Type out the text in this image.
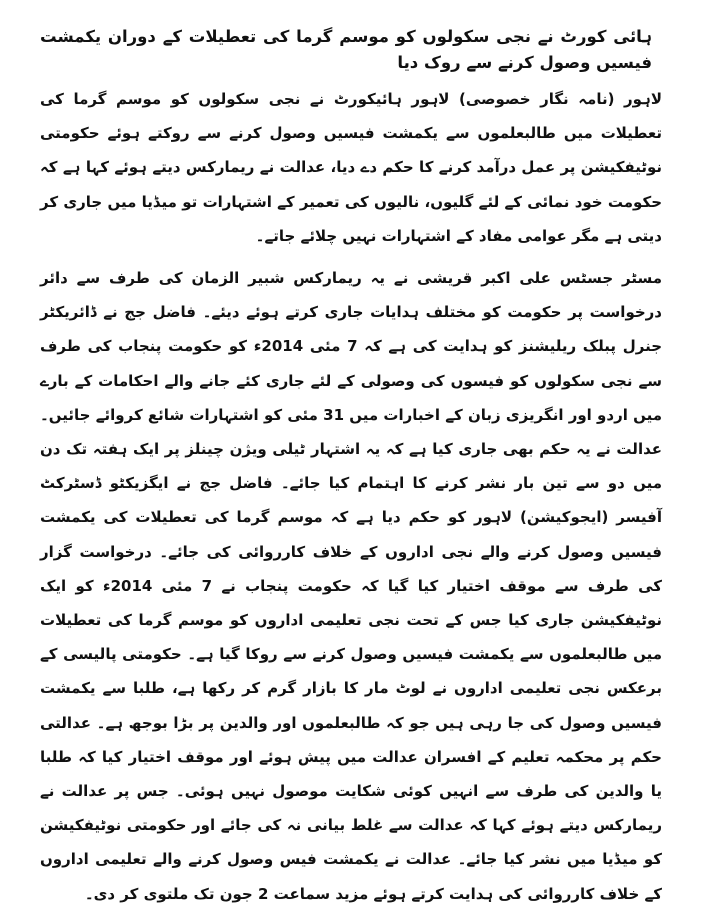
ہائی کورٹ نے نجی سکولوں کو موسم گرما کی تعطیلات کے دوران یکمشت فیسیں وصول کرنے سے روک دیا

لاہور (نامہ نگار خصوصی) لاہور ہائیکورٹ نے نجی سکولوں کو موسم گرما کی تعطیلات میں طالبعلموں سے یکمشت فیسیں وصول کرنے سے روکتے ہوئے حکومتی نوٹیفکیشن پر عمل درآمد کرنے کا حکم دے دیا، عدالت نے ریمارکس دیتے ہوئے کہا ہے کہ حکومت خود نمائی کے لئے گلیوں، نالیوں کی تعمیر کے اشتہارات تو میڈیا میں جاری کر دیتی ہے مگر عوامی مفاد کے اشتہارات نہیں چلائے جاتے۔

مسٹر جسٹس علی اکبر قریشی نے یہ ریمارکس شبیر الزمان کی طرف سے دائر درخواست پر حکومت کو مختلف ہدایات جاری کرتے ہوئے دیئے۔ فاضل جج نے ڈائریکٹر جنرل پبلک ریلیشنز کو ہدایت کی ہے کہ 7 مئی 2014ء کو حکومت پنجاب کی طرف سے نجی سکولوں کو فیسوں کی وصولی کے لئے جاری کئے جانے والے احکامات کے بارے میں اردو اور انگریزی زبان کے اخبارات میں 31 مئی کو اشتہارات شائع کروائے جائیں۔ عدالت نے یہ حکم بھی جاری کیا ہے کہ یہ اشتہار ٹیلی ویژن چینلز پر ایک ہفتہ تک دن میں دو سے تین بار نشر کرنے کا اہتمام کیا جائے۔ فاضل جج نے ایگزیکٹو ڈسٹرکٹ آفیسر (ایجوکیشن) لاہور کو حکم دیا ہے کہ موسم گرما کی تعطیلات کی یکمشت فیسیں وصول کرنے والے نجی اداروں کے خلاف کارروائی کی جائے۔ درخواست گزار کی طرف سے موقف اختیار کیا گیا کہ حکومت پنجاب نے 7 مئی 2014ء کو ایک نوٹیفکیشن جاری کیا جس کے تحت نجی تعلیمی اداروں کو موسم گرما کی تعطیلات میں طالبعلموں سے یکمشت فیسیں وصول کرنے سے روکا گیا ہے۔ حکومتی پالیسی کے برعکس نجی تعلیمی اداروں نے لوٹ مار کا بازار گرم کر رکھا ہے، طلبا سے یکمشت فیسیں وصول کی جا رہی ہیں جو کہ طالبعلموں اور والدین پر بڑا بوجھ ہے۔ عدالتی حکم پر محکمہ تعلیم کے افسران عدالت میں پیش ہوئے اور موقف اختیار کیا کہ طلبا یا والدین کی طرف سے انہیں کوئی شکایت موصول نہیں ہوئی۔ جس پر عدالت نے ریمارکس دیتے ہوئے کہا کہ عدالت سے غلط بیانی نہ کی جائے اور حکومتی نوٹیفکیشن کو میڈیا میں نشر کیا جائے۔ عدالت نے یکمشت فیس وصول کرنے والے تعلیمی اداروں کے خلاف کارروائی کی ہدایت کرتے ہوئے مزید سماعت 2 جون تک ملتوی کر دی۔
